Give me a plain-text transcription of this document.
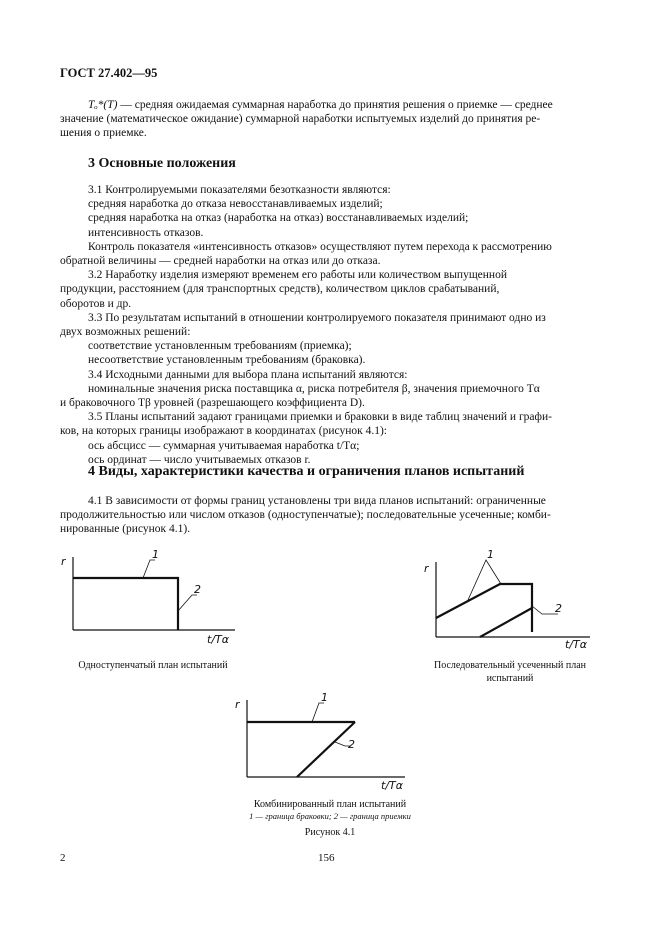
ГОСТ 27.402—95
Tₒ*(T) — средняя ожидаемая суммарная наработка до принятия решения о приемке — среднее
значение (математическое ожидание) суммарной наработки испытуемых изделий до принятия ре-
шения о приемке.
3 Основные положения
3.1 Контролируемыми показателями безотказности являются:
средняя наработка до отказа невосстанавливаемых изделий;
средняя наработка на отказ (наработка на отказ) восстанавливаемых изделий;
интенсивность отказов.
Контроль показателя «интенсивность отказов» осуществляют путем перехода к рассмотрению
обратной величины — средней наработки на отказ или до отказа.
3.2 Наработку изделия измеряют временем его работы или количеством выпущенной
продукции, расстоянием (для транспортных средств), количеством циклов срабатываний,
оборотов и др.
3.3 По результатам испытаний в отношении контролируемого показателя принимают одно из
двух возможных решений:
соответствие установленным требованиям (приемка);
несоответствие установленным требованиям (браковка).
3.4 Исходными данными для выбора плана испытаний являются:
номинальные значения риска поставщика α, риска потребителя β, значения приемочного Tα
и браковочного Tβ уровней (разрешающего коэффициента D).
3.5 Планы испытаний задают границами приемки и браковки в виде таблиц значений и графи-
ков, на которых границы изображают в координатах (рисунок 4.1):
ось абсцисс — суммарная учитываемая наработка t/Tα;
ось ординат — число учитываемых отказов r.
4 Виды, характеристики качества и ограничения планов испытаний
4.1 В зависимости от формы границ установлены три вида планов испытаний: ограниченные
продолжительностью или числом отказов (одноступенчатые); последовательные усеченные; комби-
нированные (рисунок 4.1).
r
1
2
t/Tα
Одноступенчатый план испытаний
r
1
2
t/Tα
Последовательный усеченный план
испытаний
r
1
2
t/Tα
Комбинированный план испытаний
1 — граница браковки; 2 — граница приемки
Рисунок 4.1
2	156
